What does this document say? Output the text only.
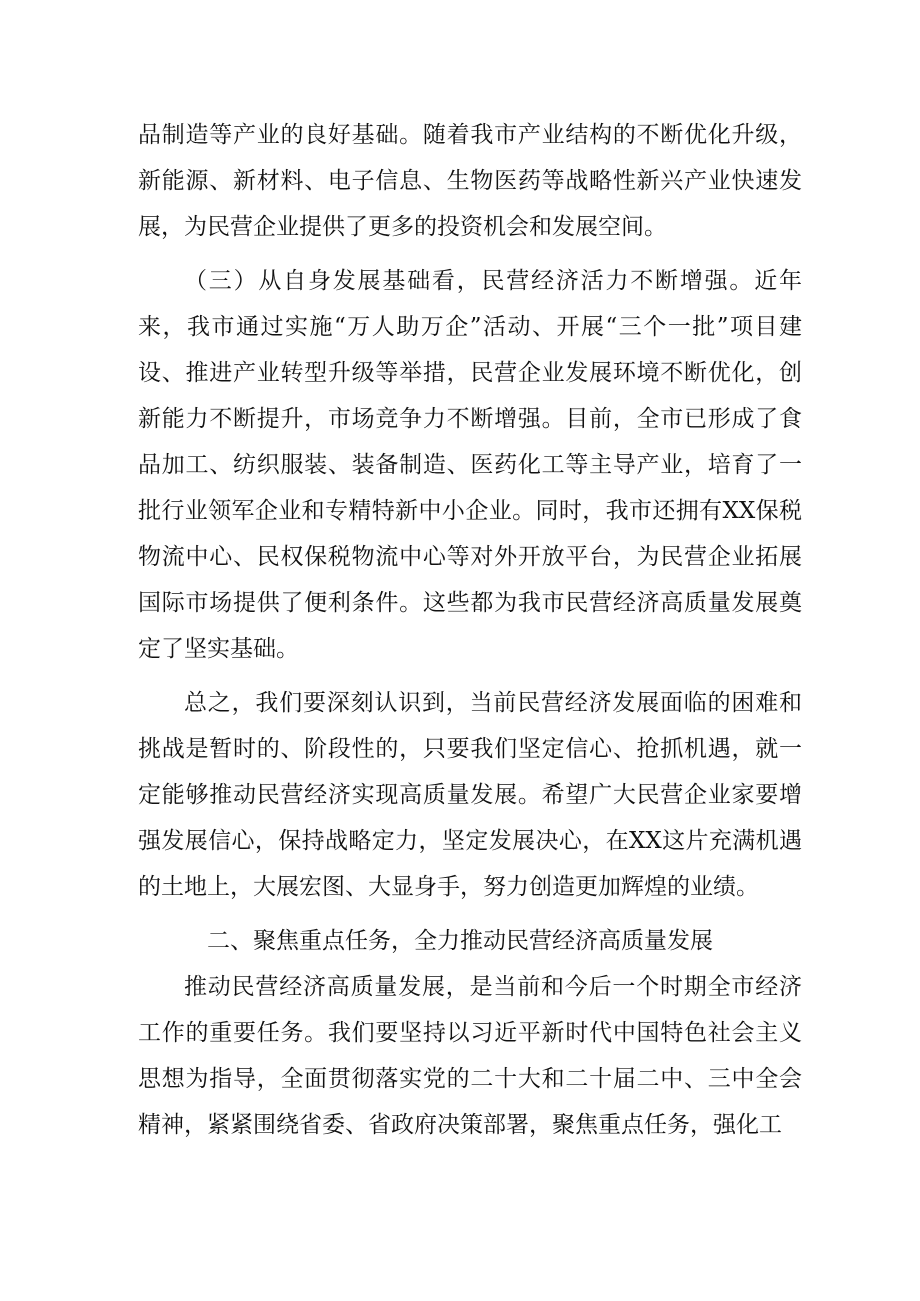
品制造等产业的良好基础。随着我市产业结构的不断优化升级，新能源、新材料、电子信息、生物医药等战略性新兴产业快速发展，为民营企业提供了更多的投资机会和发展空间。

（三）从自身发展基础看，民营经济活力不断增强。近年来，我市通过实施“万人助万企”活动、开展“三个一批”项目建设、推进产业转型升级等举措，民营企业发展环境不断优化，创新能力不断提升，市场竞争力不断增强。目前，全市已形成了食品加工、纺织服装、装备制造、医药化工等主导产业，培育了一批行业领军企业和专精特新中小企业。同时，我市还拥有XX保税物流中心、民权保税物流中心等对外开放平台，为民营企业拓展国际市场提供了便利条件。这些都为我市民营经济高质量发展奠定了坚实基础。

总之，我们要深刻认识到，当前民营经济发展面临的困难和挑战是暂时的、阶段性的，只要我们坚定信心、抢抓机遇，就一定能够推动民营经济实现高质量发展。希望广大民营企业家要增强发展信心，保持战略定力，坚定发展决心，在XX这片充满机遇的土地上，大展宏图、大显身手，努力创造更加辉煌的业绩。

二、聚焦重点任务，全力推动民营经济高质量发展

推动民营经济高质量发展，是当前和今后一个时期全市经济工作的重要任务。我们要坚持以习近平新时代中国特色社会主义思想为指导，全面贯彻落实党的二十大和二十届二中、三中全会精神，紧紧围绕省委、省政府决策部署，聚焦重点任务，强化工
